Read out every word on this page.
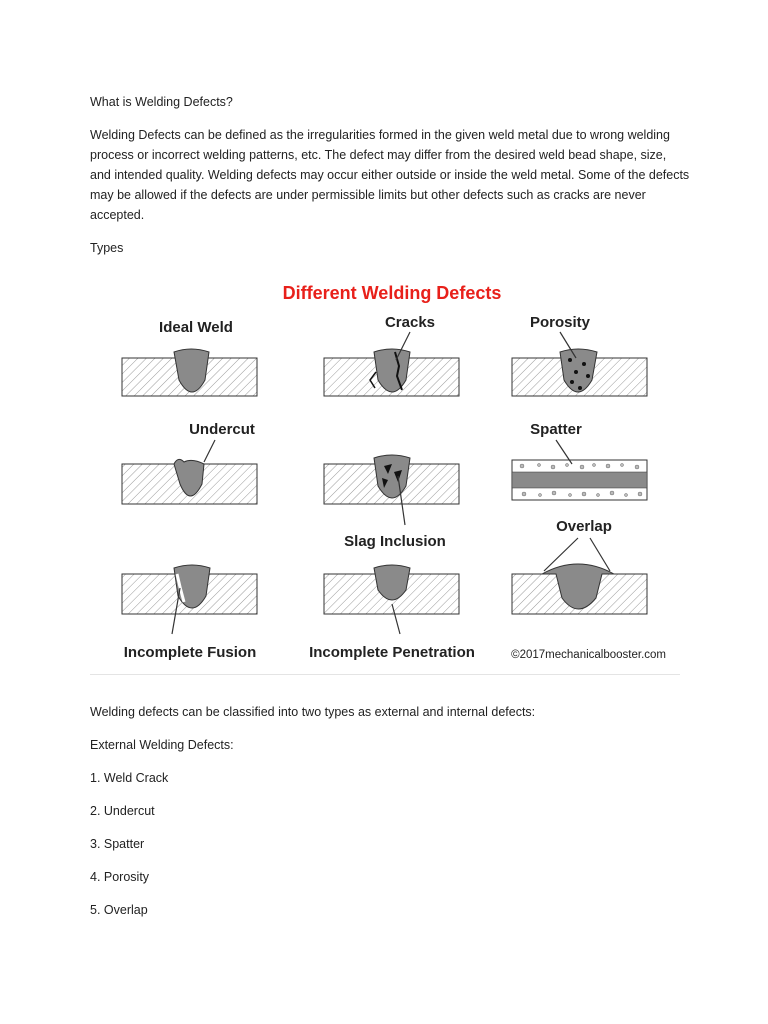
What is Welding Defects?

Welding Defects can be defined as the irregularities formed in the given weld metal due to wrong welding process or incorrect welding patterns, etc. The defect may differ from the desired weld bead shape, size, and intended quality. Welding defects may occur either outside or inside the weld metal. Some of the defects may be allowed if the defects are under permissible limits but other defects such as cracks are never accepted.

Types

Different Welding Defects
Ideal Weld	Cracks	Porosity
Undercut
Slag Inclusion
Spatter
Incomplete Fusion	Incomplete Penetration
Overlap
©2017mechanicalbooster.com

Welding defects can be classified into two types as external and internal defects:

External Welding Defects:

1. Weld Crack

2. Undercut

3. Spatter

4. Porosity

5. Overlap
